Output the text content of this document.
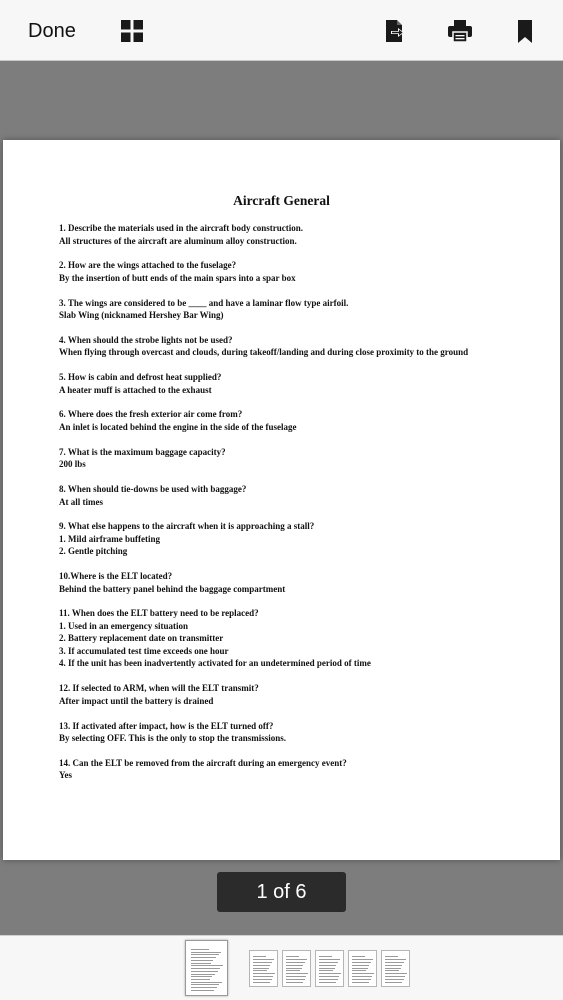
Done
Aircraft General
1. Describe the materials used in the aircraft body construction.
All structures of the aircraft are aluminum alloy construction.
2. How are the wings attached to the fuselage?
By the insertion of butt ends of the main spars into a spar box
3. The wings are considered to be ____ and have a laminar flow type airfoil.
Slab Wing (nicknamed Hershey Bar Wing)
4. When should the strobe lights not be used?
When flying through overcast and clouds, during takeoff/landing and during close proximity to the ground
5. How is cabin and defrost heat supplied?
A heater muff is attached to the exhaust
6. Where does the fresh exterior air come from?
An inlet is located behind the engine in the side of the fuselage
7. What is the maximum baggage capacity?
200 lbs
8. When should tie-downs be used with baggage?
At all times
9. What else happens to the aircraft when it is approaching a stall?
1. Mild airframe buffeting
2. Gentle pitching
10.Where is the ELT located?
Behind the battery panel behind the baggage compartment
11. When does the ELT battery need to be replaced?
1. Used in an emergency situation
2. Battery replacement date on transmitter
3. If accumulated test time exceeds one hour
4. If the unit has been inadvertently activated for an undetermined period of time
12. If selected to ARM, when will the ELT transmit?
After impact until the battery is drained
13. If activated after impact, how is the ELT turned off?
By selecting OFF. This is the only to stop the transmissions.
14. Can the ELT be removed from the aircraft during an emergency event?
Yes
1 of 6
